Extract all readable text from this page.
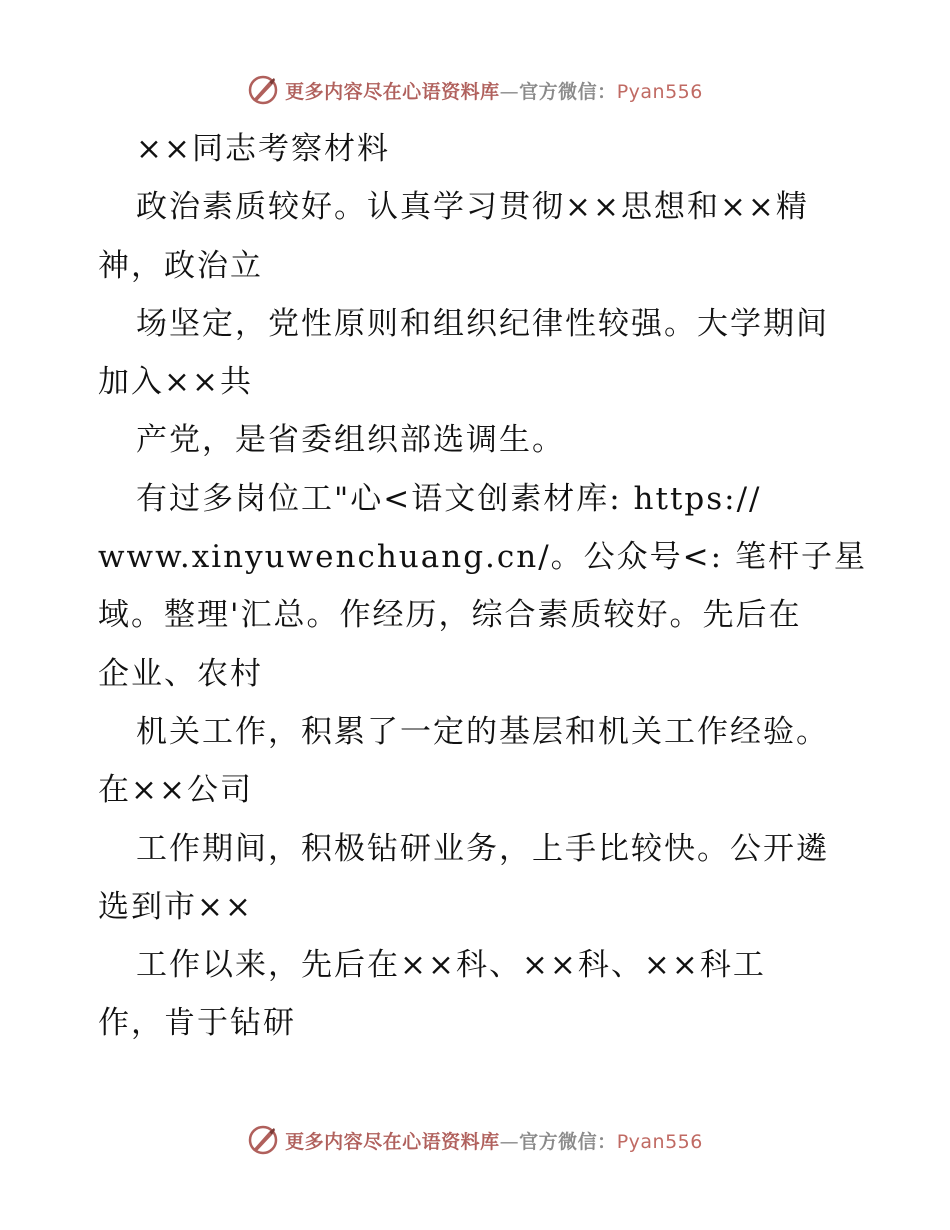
更多内容尽在心语资料库—官方微信：Pyan556
××同志考察材料
政治素质较好。认真学习贯彻××思想和××精
神，政治立
场坚定，党性原则和组织纪律性较强。大学期间
加入××共
产党，是省委组织部选调生。
有过多岗位工"心<语文创素材库: https://
www.xinyuwenchuang.cn/。公众号<: 笔杆子星
域。整理'汇总。作经历，综合素质较好。先后在
企业、农村
机关工作，积累了一定的基层和机关工作经验。
在××公司
工作期间，积极钻研业务，上手比较快。公开遴
选到市××
工作以来，先后在××科、××科、××科工
作，肯于钻研
更多内容尽在心语资料库—官方微信：Pyan556
